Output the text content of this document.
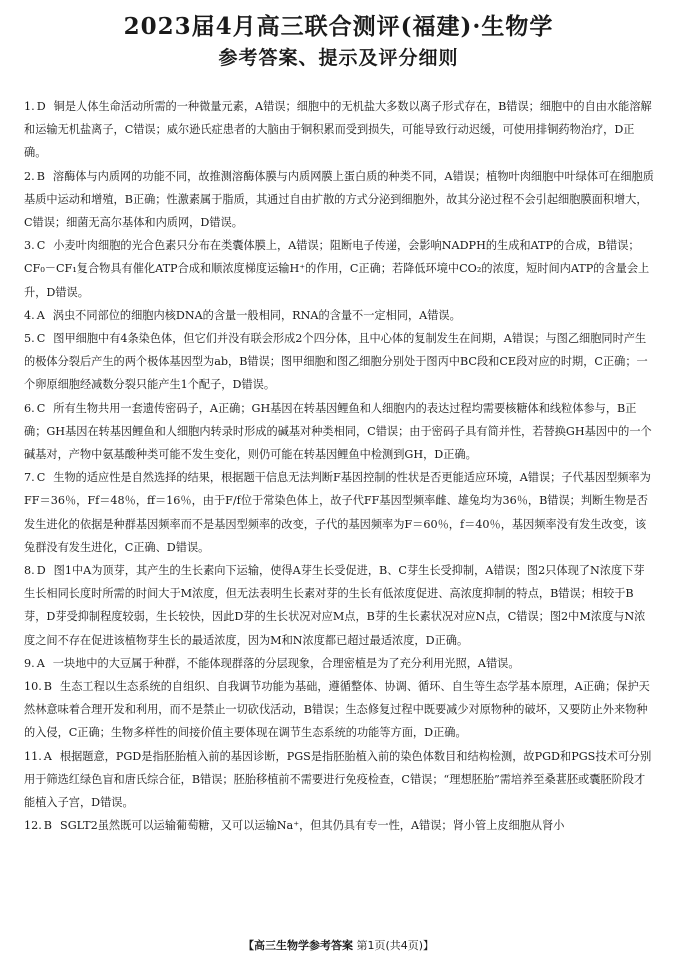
2023届4月高三联合测评(福建)·生物学
参考答案、提示及评分细则
1. D 铜是人体生命活动所需的一种微量元素，A错误；细胞中的无机盐大多数以离子形式存在，B错误；细胞中的自由水能溶解和运输无机盐离子，C错误；威尔逊氏症患者的大脑由于铜积累而受到损失，可能导致行动迟缓，可使用排铜药物治疗，D正确。
2. B 溶酶体与内质网的功能不同，故推测溶酶体膜与内质网膜上蛋白质的种类不同，A错误；植物叶肉细胞中叶绿体可在细胞质基质中运动和增殖，B正确；性激素属于脂质，其通过自由扩散的方式分泌到细胞外，故其分泌过程不会引起细胞膜面积增大，C错误；细菌无高尔基体和内质网，D错误。
3. C 小麦叶肉细胞的光合色素只分布在类囊体膜上，A错误；阻断电子传递，会影响NADPH的生成和ATP的合成，B错误；CF₀－CF₁复合物具有催化ATP合成和顺浓度梯度运输H⁺的作用，C正确；若降低环境中CO₂的浓度，短时间内ATP的含量会上升，D错误。
4. A 涡虫不同部位的细胞内核DNA的含量一般相同，RNA的含量不一定相同，A错误。
5. C 图甲细胞中有4条染色体，但它们并没有联会形成2个四分体，且中心体的复制发生在间期，A错误；与图乙细胞同时产生的极体分裂后产生的两个极体基因型为ab，B错误；图甲细胞和图乙细胞分别处于图丙中BC段和CE段对应的时期，C正确；一个卵原细胞经减数分裂只能产生1个配子，D错误。
6. C 所有生物共用一套遗传密码子，A正确；GH基因在转基因鲤鱼和人细胞内的表达过程均需要核糖体和线粒体参与，B正确；GH基因在转基因鲤鱼和人细胞内转录时形成的碱基对种类相同，C错误；由于密码子具有简并性，若替换GH基因中的一个碱基对，产物中氨基酸种类可能不发生变化，则仍可能在转基因鲤鱼中检测到GH，D正确。
7. C 生物的适应性是自然选择的结果，根据题干信息无法判断F基因控制的性状是否更能适应环境，A错误；子代基因型频率为FF＝36％，Ff＝48％，ff＝16％，由于F/f位于常染色体上，故子代FF基因型频率雌、雄兔均为36％，B错误；判断生物是否发生进化的依据是种群基因频率而不是基因型频率的改变，子代的基因频率为F＝60％，f＝40％，基因频率没有发生改变，该兔群没有发生进化，C正确、D错误。
8. D 图1中A为顶芽，其产生的生长素向下运输，使得A芽生长受促进，B、C芽生长受抑制，A错误；图2只体现了N浓度下芽生长相同长度时所需的时间大于M浓度，但无法表明生长素对芽的生长有低浓度促进、高浓度抑制的特点，B错误；相较于B芽，D芽受抑制程度较弱，生长较快，因此D芽的生长状况对应M点，B芽的生长素状况对应N点，C错误；图2中M浓度与N浓度之间不存在促进该植物芽生长的最适浓度，因为M和N浓度都已超过最适浓度，D正确。
9. A 一块地中的大豆属于种群，不能体现群落的分层现象，合理密植是为了充分利用光照，A错误。
10. B 生态工程以生态系统的自组织、自我调节功能为基础，遵循整体、协调、循环、自生等生态学基本原理，A正确；保护天然林意味着合理开发和利用，而不是禁止一切砍伐活动，B错误；生态修复过程中既要减少对原物种的破坏，又要防止外来物种的入侵，C正确；生物多样性的间接价值主要体现在调节生态系统的功能等方面，D正确。
11. A 根据题意，PGD是指胚胎植入前的基因诊断，PGS是指胚胎植入前的染色体数目和结构检测，故PGD和PGS技术可分别用于筛选红绿色盲和唐氏综合征，B错误；胚胎移植前不需要进行免疫检查，C错误；“理想胚胎”需培养至桑葚胚或囊胚阶段才能植入子宫，D错误。
12. B SGLT2虽然既可以运输葡萄糖，又可以运输Na⁺，但其仍具有专一性，A错误；肾小管上皮细胞从肾小
【高三生物学参考答案 第1页(共4页)】
